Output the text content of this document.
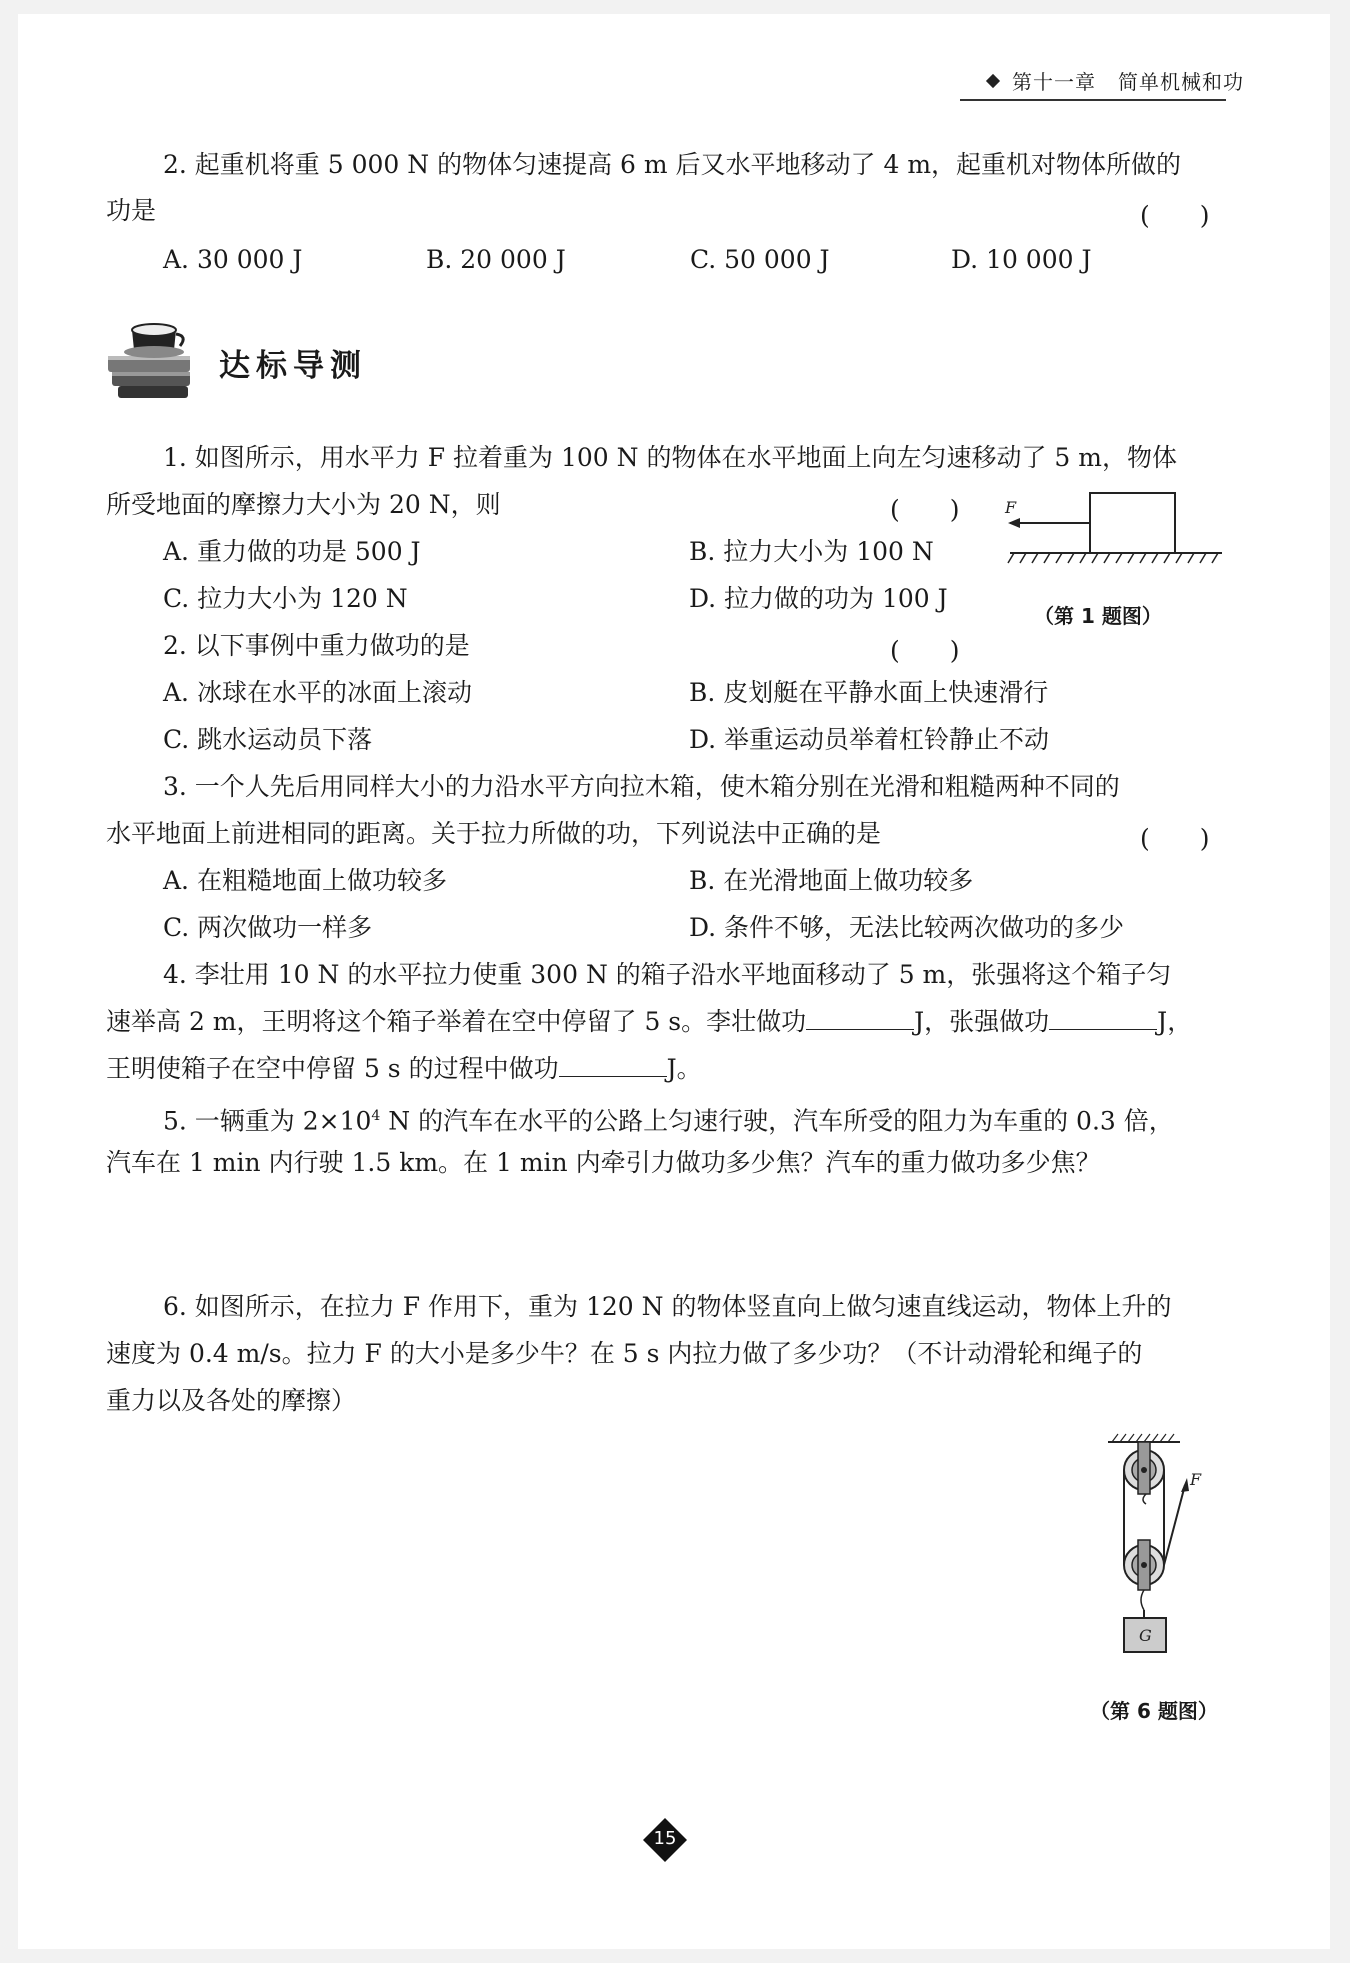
第十一章 简单机械和功
2. 起重机将重 5 000 N 的物体匀速提高 6 m 后又水平地移动了 4 m，起重机对物体所做的
功是	(　　)
A. 30 000 J	B. 20 000 J	C. 50 000 J	D. 10 000 J
达标导测
1. 如图所示，用水平力 F 拉着重为 100 N 的物体在水平地面上向左匀速移动了 5 m，物体
所受地面的摩擦力大小为 20 N，则	(　　)
A. 重力做的功是 500 J	B. 拉力大小为 100 N
C. 拉力大小为 120 N	D. 拉力做的功为 100 J
F
（第 1 题图）
2. 以下事例中重力做功的是	(　　)
A. 冰球在水平的冰面上滚动	B. 皮划艇在平静水面上快速滑行
C. 跳水运动员下落	D. 举重运动员举着杠铃静止不动
3. 一个人先后用同样大小的力沿水平方向拉木箱，使木箱分别在光滑和粗糙两种不同的
水平地面上前进相同的距离。关于拉力所做的功，下列说法中正确的是	(　　)
A. 在粗糙地面上做功较多	B. 在光滑地面上做功较多
C. 两次做功一样多	D. 条件不够，无法比较两次做功的多少
4. 李壮用 10 N 的水平拉力使重 300 N 的箱子沿水平地面移动了 5 m，张强将这个箱子匀
速举高 2 m，王明将这个箱子举着在空中停留了 5 s。李壮做功	J，张强做功	J，
王明使箱子在空中停留 5 s 的过程中做功	J。
5. 一辆重为 $2\times 10^4$ N 的汽车在水平的公路上匀速行驶，汽车所受的阻力为车重的 0.3 倍，
汽车在 1 min 内行驶 1.5 km。在 1 min 内牵引力做功多少焦？汽车的重力做功多少焦？
6. 如图所示，在拉力 F 作用下，重为 120 N 的物体竖直向上做匀速直线运动，物体上升的
速度为 0.4 m/s。拉力 F 的大小是多少牛？在 5 s 内拉力做了多少功？（不计动滑轮和绳子的
重力以及各处的摩擦）
F
G
（第 6 题图）
15
